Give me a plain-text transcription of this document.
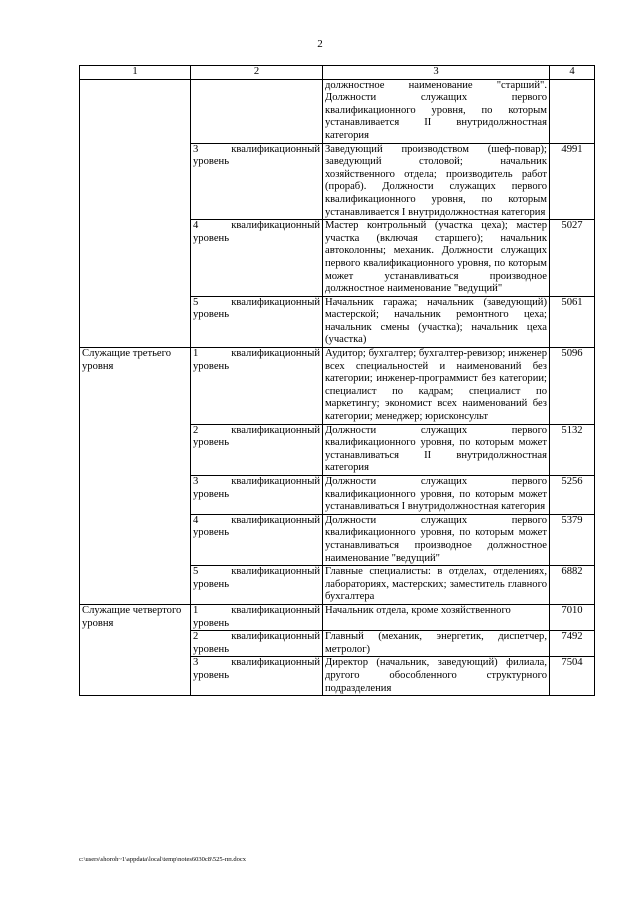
2
1	2	3	4
		должностное наименование "старший". Должности служащих первого квалификационного уровня, по которым устанавливается II внутридолжностная категория	
	3 квалификационный уровень	Заведующий производством (шеф-повар); заведующий столовой; начальник хозяйственного отдела; производитель работ (прораб). Должности служащих первого квалификационного уровня, по которым устанавливается I внутридолжностная категория	4991
	4 квалификационный уровень	Мастер контрольный (участка цеха); мастер участка (включая старшего); начальник автоколонны; механик. Должности служащих первого квалификационного уровня, по которым может устанавливаться производное должностное наименование "ведущий"	5027
	5 квалификационный уровень	Начальник гаража; начальник (заведующий) мастерской; начальник ремонтного цеха; начальник смены (участка); начальник цеха (участка)	5061
Служащие третьего уровня	1 квалификационный уровень	Аудитор; бухгалтер; бухгалтер-ревизор; инженер всех специальностей и наименований без категории; инженер-программист без категории; специалист по кадрам; специалист по маркетингу; экономист всех наименований без категории; менеджер; юрисконсульт	5096
	2 квалификационный уровень	Должности служащих первого квалификационного уровня, по которым может устанавливаться II внутридолжностная категория	5132
	3 квалификационный уровень	Должности служащих первого квалификационного уровня, по которым может устанавливаться I внутридолжностная категория	5256
	4 квалификационный уровень	Должности служащих первого квалификационного уровня, по которым может устанавливаться производное должностное наименование "ведущий"	5379
	5 квалификационный уровень	Главные специалисты: в отделах, отделениях, лабораториях, мастерских; заместитель главного бухгалтера	6882
Служащие четвертого уровня	1 квалификационный уровень	Начальник отдела, кроме хозяйственного	7010
	2 квалификационный уровень	Главный (механик, энергетик, диспетчер, метролог)	7492
	3 квалификационный уровень	Директор (начальник, заведующий) филиала, другого обособленного структурного подразделения	7504
c:\users\shoroh~1\appdata\local\temp\notes6030c8\525-пп.docx
